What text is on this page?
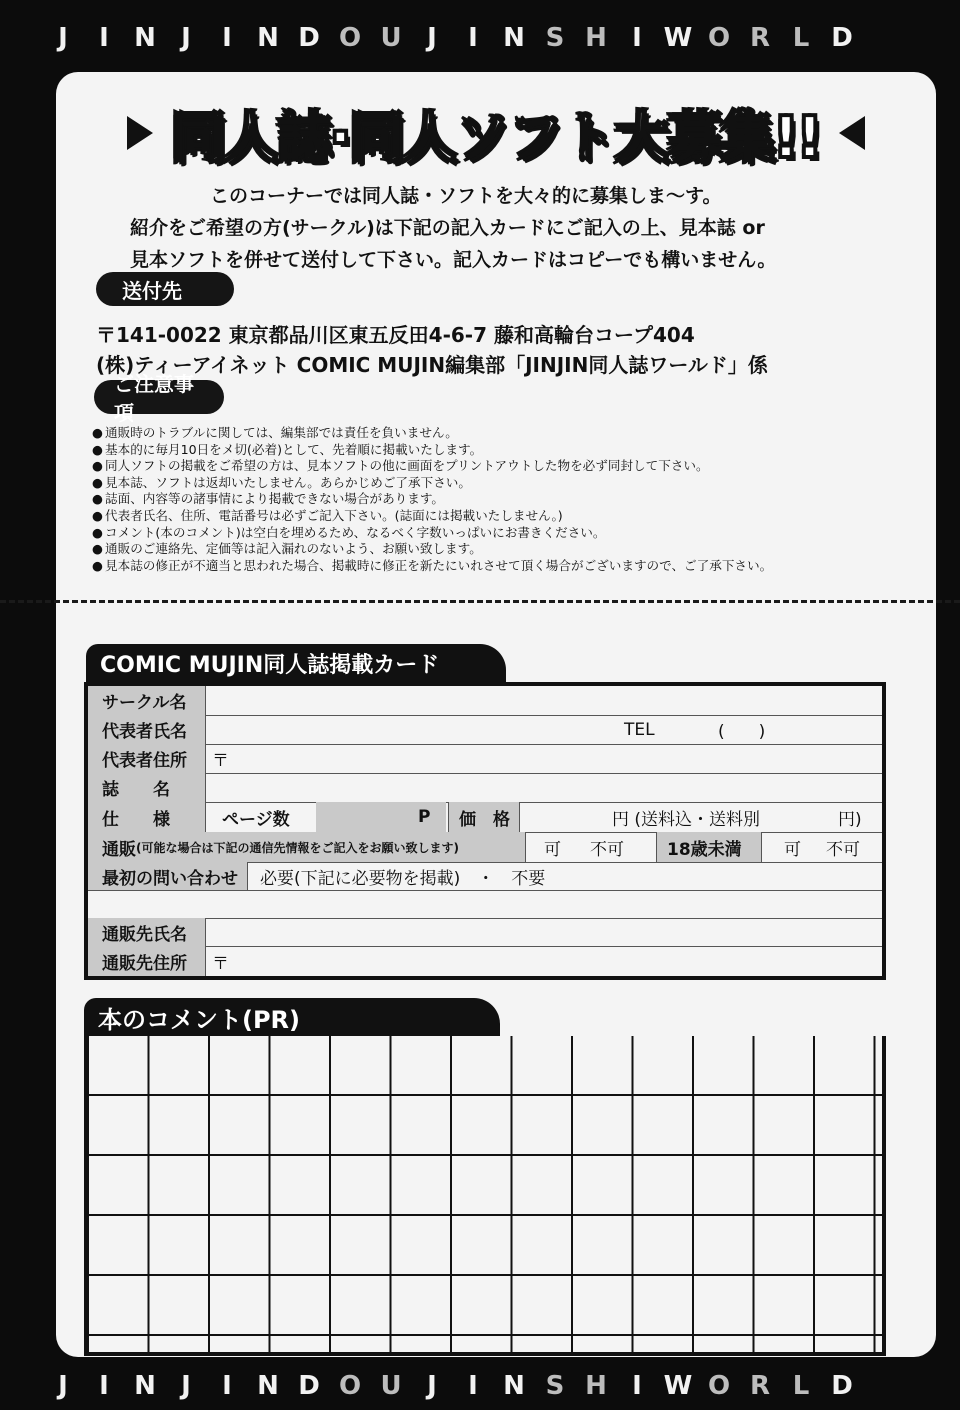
J	I N J	I N D O U J	I N S H I W O R L D
同人誌·同人ソフト大募集!!
このコーナーでは同人誌・ソフトを大々的に募集しま〜す。
紹介をご希望の方(サークル)は下記の記入カードにご記入の上、見本誌 or
見本ソフトを併せて送付して下さい。記入カードはコピーでも構いません。
送付先
〒141-0022 東京都品川区東五反田4-6-7 藤和高輪台コープ404
(株)ティーアイネット COMIC MUJIN編集部「JINJIN同人誌ワールド」係
ご注意事項
● 通販時のトラブルに関しては、編集部では責任を負いません。
● 基本的に毎月10日をメ切(必着)として、先着順に掲載いたします。
● 同人ソフトの掲載をご希望の方は、見本ソフトの他に画面をプリントアウトした物を必ず同封して下さい。
● 見本誌、ソフトは返却いたしません。あらかじめご了承下さい。
● 誌面、内容等の諸事情により掲載できない場合があります。
● 代表者氏名、住所、電話番号は必ずご記入下さい。(誌面には掲載いたしません。)
● コメント(本のコメント)は空白を埋めるため、なるべく字数いっぱいにお書きください。
● 通販のご連絡先、定価等は記入漏れのないよう、お願い致します。
● 見本誌の修正が不適当と思われた場合、掲載時に修正を新たにいれさせて頂く場合がございますので、ご了承下さい。
COMIC MUJIN同人誌掲載カード
サークル名
代表者氏名	TEL	(　　)
代表者住所	〒
誌　　名
仕　　様	ページ数	P	価　格	円 (送料込・送料別	円)
通販 (可能な場合は下記の通信先情報をご記入をお願い致します)	可 不可	18歳未満	可 不可
最初の問い合わせ	必要(下記に必要物を掲載)　・　不要
通販先氏名
通販先住所	〒
本のコメント(PR)
J	I N J	I N D O U J	I N S H I W O R L D
